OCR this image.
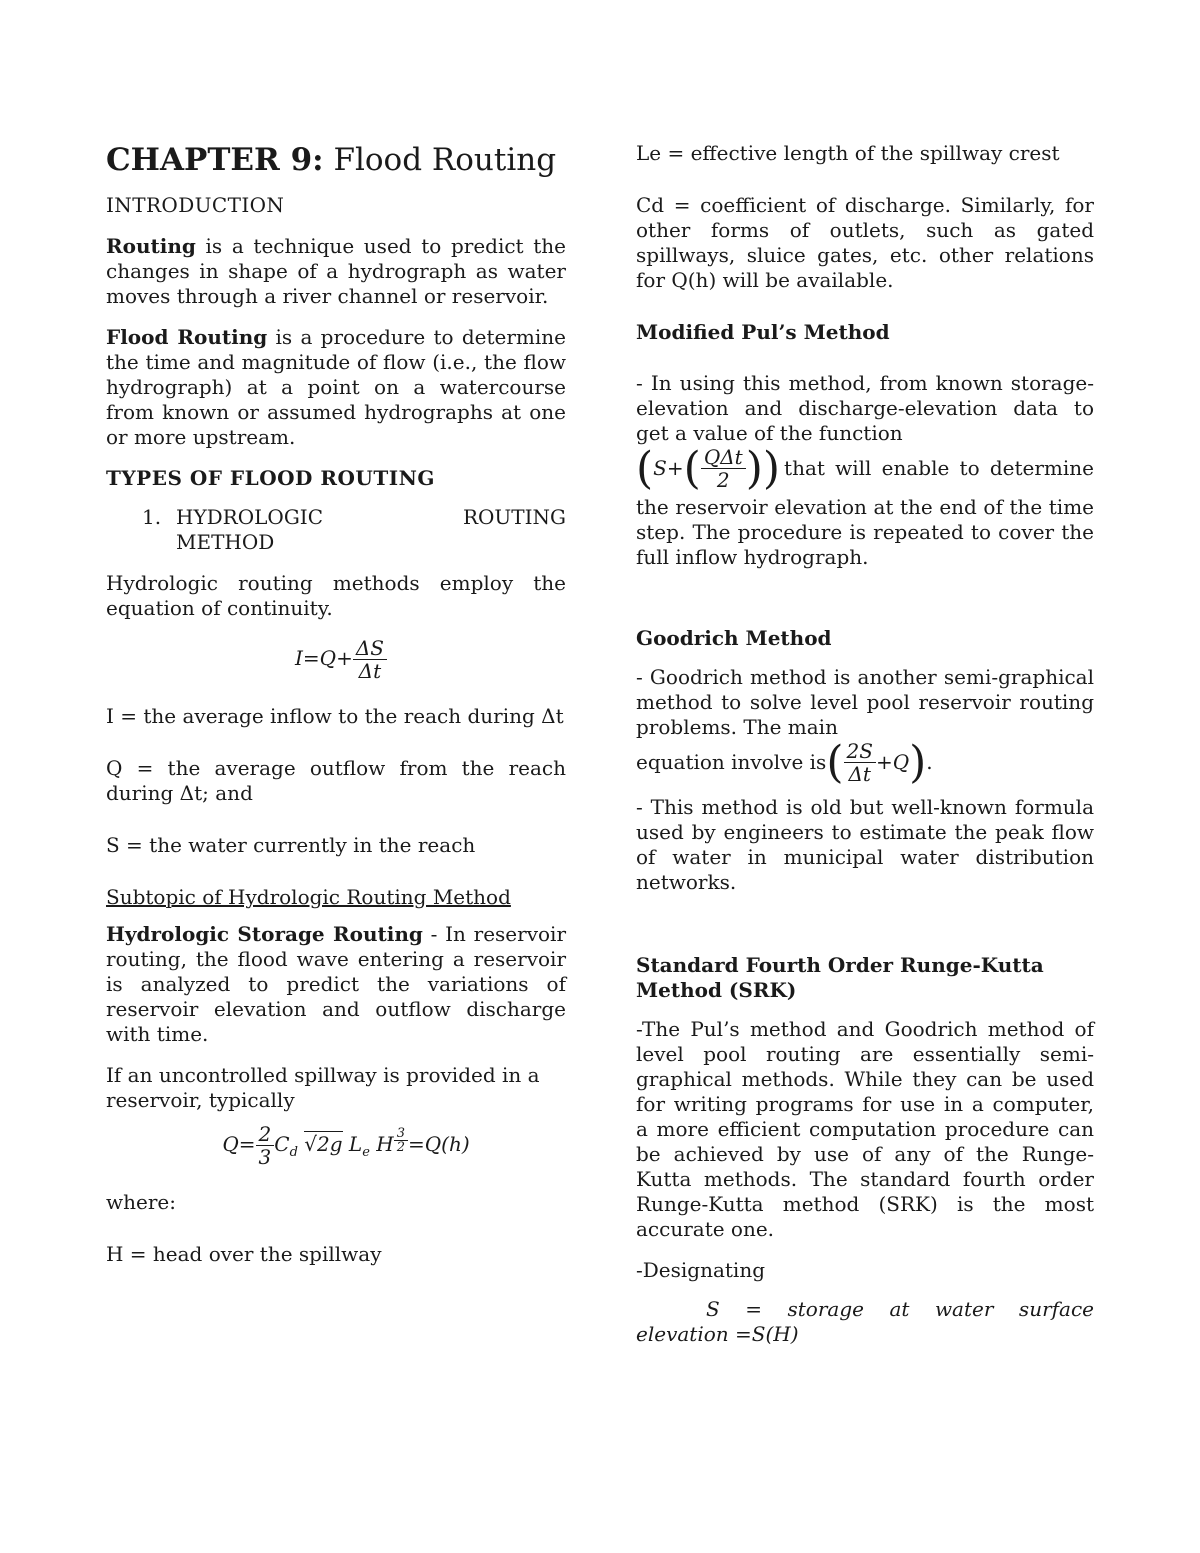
CHAPTER 9: Flood Routing

INTRODUCTION

Routing is a technique used to predict the changes in shape of a hydrograph as water moves through a river channel or reservoir.

Flood Routing is a procedure to determine the time and magnitude of flow (i.e., the flow hydrograph) at a point on a watercourse from known or assumed hydrographs at one or more upstream.

TYPES OF FLOOD ROUTING

1. HYDROLOGIC	ROUTING
METHOD

Hydrologic routing methods employ the equation of continuity.

$I=Q+ \frac{\Delta S}{\Delta t}$

I = the average inflow to the reach during Δt

Q = the average outflow from the reach during Δt; and

S = the water currently in the reach

Subtopic of Hydrologic Routing Method

Hydrologic Storage Routing - In reservoir routing, the flood wave entering a reservoir is analyzed to predict the variations of reservoir elevation and outflow discharge with time.

If an uncontrolled spillway is provided in a reservoir, typically

$Q= \frac{2}{3} C_d$ √2g $L_e$ H $\frac{3}{2} =Q(h)$

where:

H = head over the spillway

Le = effective length of the spillway crest

Cd = coefficient of discharge. Similarly, for other forms of outlets, such as gated spillways, sluice gates, etc. other relations for Q(h) will be available.

Modified Pul’s Method

- In using this method, from known storage-elevation and discharge-elevation data to get a value of the function

( S+ ( $\frac{\text{QΔt}}{2}$ ) ) that will enable to determine

the reservoir elevation at the end of the time step. The procedure is repeated to cover the full inflow hydrograph.

Goodrich Method

- Goodrich method is another semi-graphical method to solve level pool reservoir routing problems. The main

equation involve is ( $\frac{2S}{\Delta t} +Q$ ) .

- This method is old but well-known formula used by engineers to estimate the peak flow of water in municipal water distribution networks.

Standard Fourth Order Runge-Kutta Method (SRK)

-The Pul’s method and Goodrich method of level pool routing are essentially semi-graphical methods. While they can be used for writing programs for use in a computer, a more efficient computation procedure can be achieved by use of any of the Runge-Kutta methods. The standard fourth order Runge-Kutta method (SRK) is the most accurate one.

-Designating

S = storage at water surface elevation =S(H)
